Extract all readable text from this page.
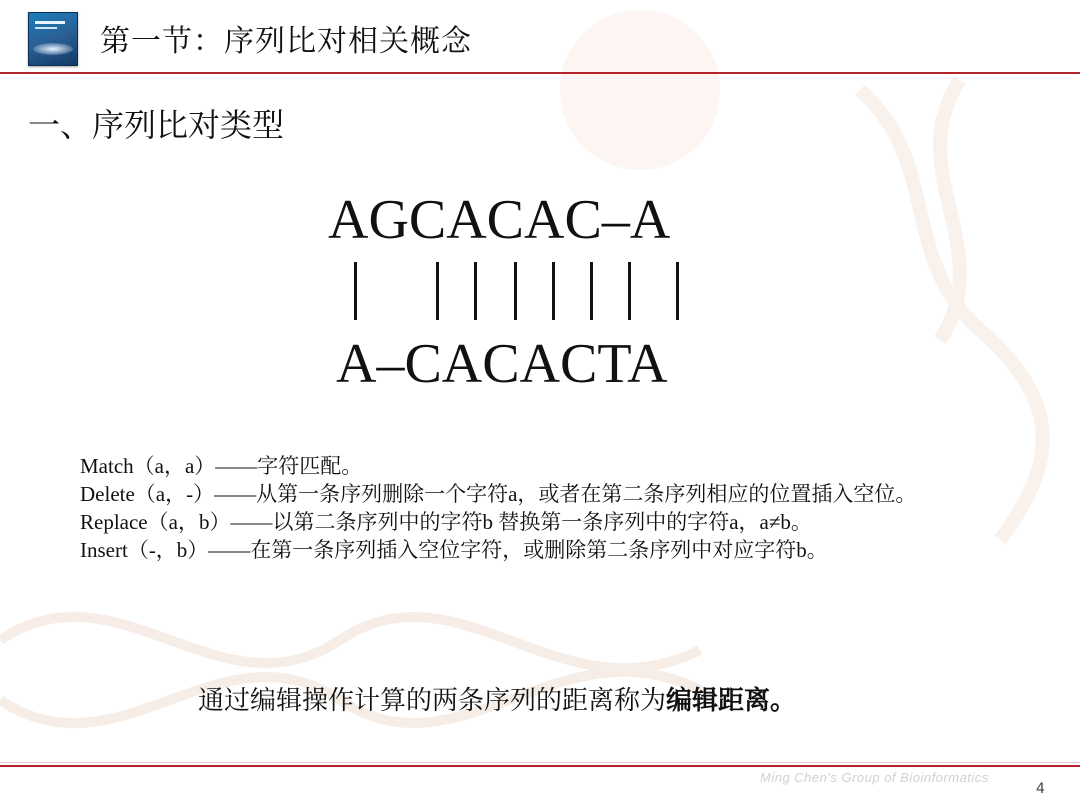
第一节：序列比对相关概念
一、序列比对类型
AGCACAC–A
A–CACACTA

Match（a，a）——字符匹配。

Delete（a，-）——从第一条序列删除一个字符a，或者在第二条序列相应的位置插入空位。

Replace（a，b）——以第二条序列中的字符b 替换第一条序列中的字符a，a≠b。

Insert（-，b）——在第一条序列插入空位字符，或删除第二条序列中对应字符b。

通过编辑操作计算的两条序列的距离称为编辑距离。
Ming Chen's Group of Bioinformatics
4
